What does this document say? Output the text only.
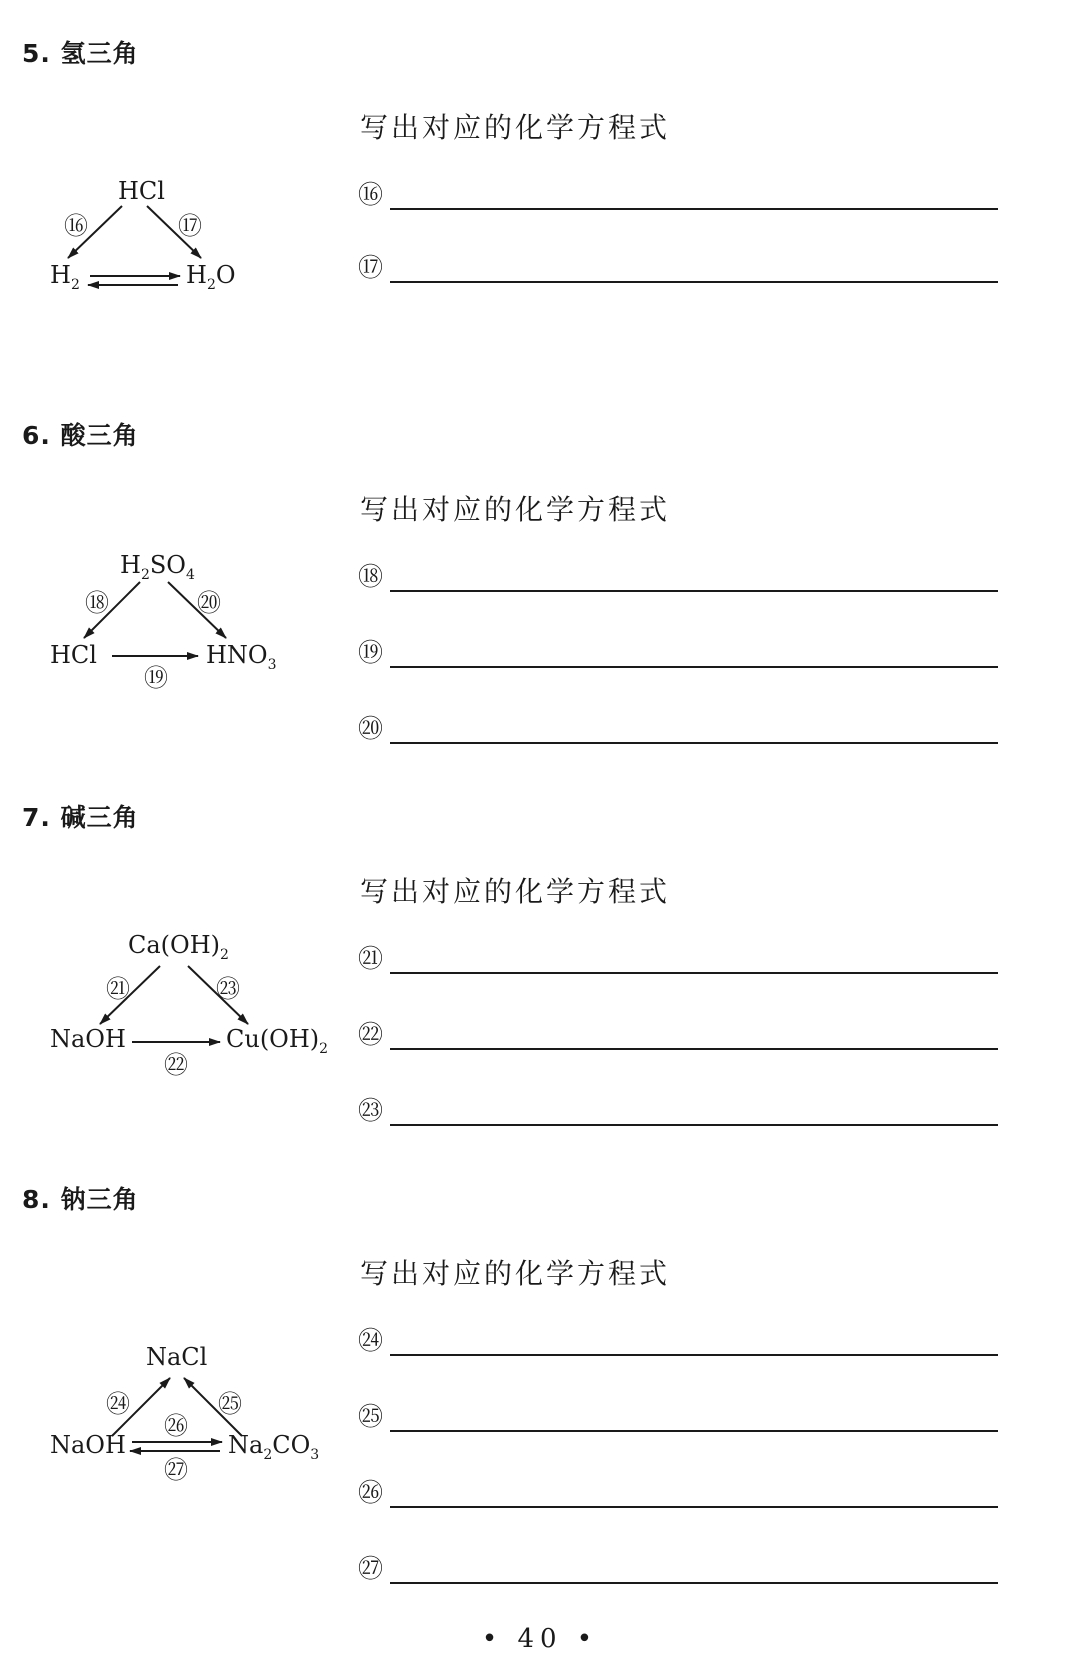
5. 氢三角
写出对应的化学方程式
HCl
$H_2$	$H_2O$
⑯	⑰
⑯
⑰
6. 酸三角
写出对应的化学方程式
$H_2SO_4$
HCl	$HNO_3$
⑱	⑳
⑲
⑱
⑲
⑳
7. 碱三角
写出对应的化学方程式
$Ca(OH)_2$
NaOH	$Cu(OH)_2$
㉑	㉓
㉒
㉑
㉒
㉓
8. 钠三角
写出对应的化学方程式
NaCl
NaOH	$Na_2CO_3$
㉔	㉕
㉖
㉗
㉔
㉕
㉖
㉗
• 40 •
